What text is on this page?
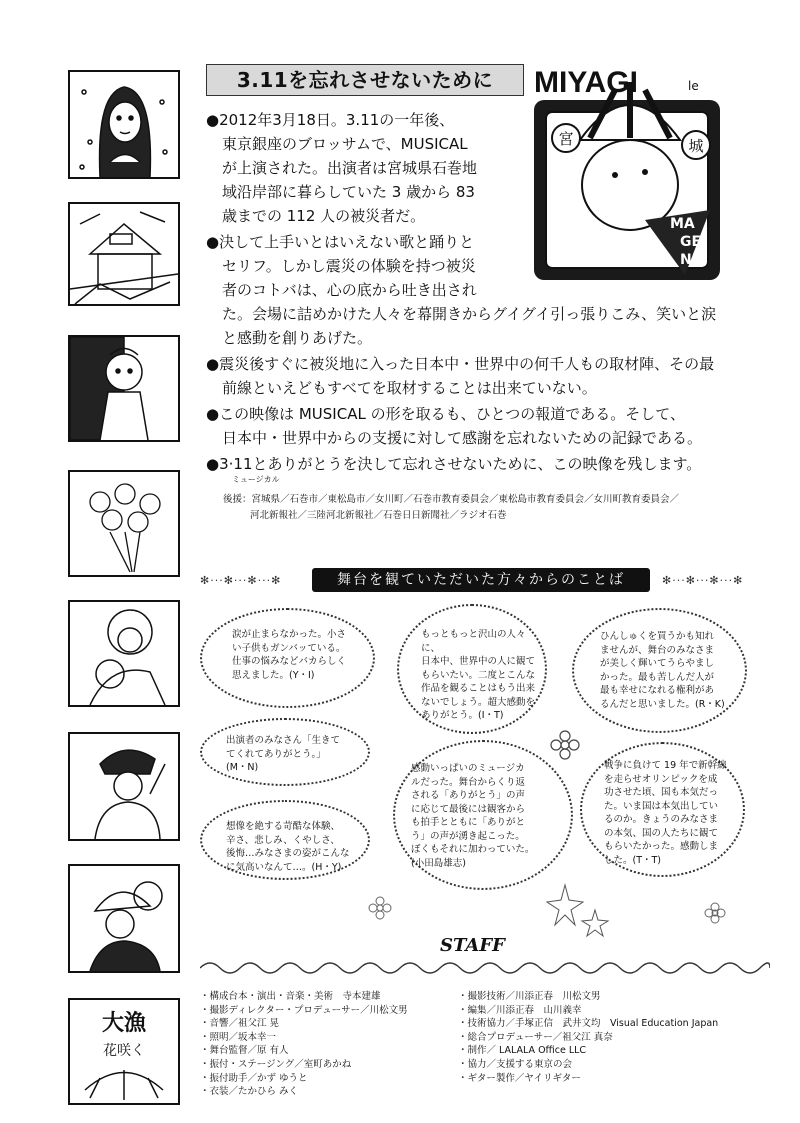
大漁
花咲く
3.11を忘れさせないために
宮	城
MIYAGI	le
MA
GE
NE
●2012年3月18日。3.11の一年後、
東京銀座のブロッサムで、MUSICAL
が上演された。出演者は宮城県石巻地
域沿岸部に暮らしていた 3 歳から 83
歳までの 112 人の被災者だ。
●決して上手いとはいえない歌と踊りと
セリフ。しかし震災の体験を持つ被災
者のコトバは、心の底から吐き出され
た。会場に詰めかけた人々を幕開きからグイグイ引っ張りこみ、笑いと涙
と感動を創りあげた。
●震災後すぐに被災地に入った日本中・世界中の何千人もの取材陣、その最
前線といえどもすべてを取材することは出来ていない。
●この映像は MUSICAL の形を取るも、ひとつの報道である。そして、
日本中・世界中からの支援に対して感謝を忘れないための記録である。
●3·11とありがとうを決して忘れさせないために、この映像を残します。
ミュージカル
後援：宮城県／石巻市／東松島市／女川町／石巻市教育委員会／東松島市教育委員会／女川町教育委員会／
河北新報社／三陸河北新報社／石巻日日新聞社／ラジオ石巻
✻···✻···✻···✻	舞台を観ていただいた方々からのことば	✻···✻···✻···✻
涙が止まらなかった。小さ
い子供もガンバッている。
仕事の悩みなどバカらしく
思えました。(Y・I)
もっともっと沢山の人々に、
日本中、世界中の人に観て
もらいたい。二度とこんな
作品を観ることはもう出来
ないでしょう。超大感動を
ありがとう。(I・T)
ひんしゅくを買うかも知れ
ませんが、舞台のみなさま
が美しく輝いてうらやまし
かった。最も苦しんだ人が
最も幸せになれる権利があ
るんだと思いました。(R・K)
出演者のみなさん「生きて
てくれてありがとう。」
(M・N)	感動いっぱいのミュージカ
ルだった。舞台からくり返
される「ありがとう」の声
に応じて最後には観客から
も拍手とともに「ありがと
う」の声が湧き起こった。
ぼくもそれに加わっていた。
(小田島雄志)
戦争に負けて 19 年で新幹線
を走らせオリンピックを成
功させた頃、国も本気だっ
た。いま国は本気出してい
るのか。きょうのみなさま
の本気、国の人たちに観て
もらいたかった。感動しま
した。(T・T)
想像を絶する苛酷な体験、
辛さ、悲しみ、くやしさ、
後悔…みなさまの姿がこんな
に気高いなんて…。(H・Y)
STAFF
・構成台本・演出・音楽・美術　寺本建雄
・撮影ディレクター・プロデューサー／川松文男
・音響／祖父江 晃
・照明／坂本幸一
・舞台監督／原 有人
・振付・ステージング／室町あかね
・振付助手／かず ゆうと
・衣装／たかひら みく
・撮影技術／川添正春　川松文男
・編集／川添正春　山川義幸
・技術協力／手塚正信　武井文均　Visual Education Japan
・総合プロデューサー／祖父江 真奈
・制作／ LALALA Office LLC
・協力／支援する東京の会
・ギター製作／ヤイリギター
